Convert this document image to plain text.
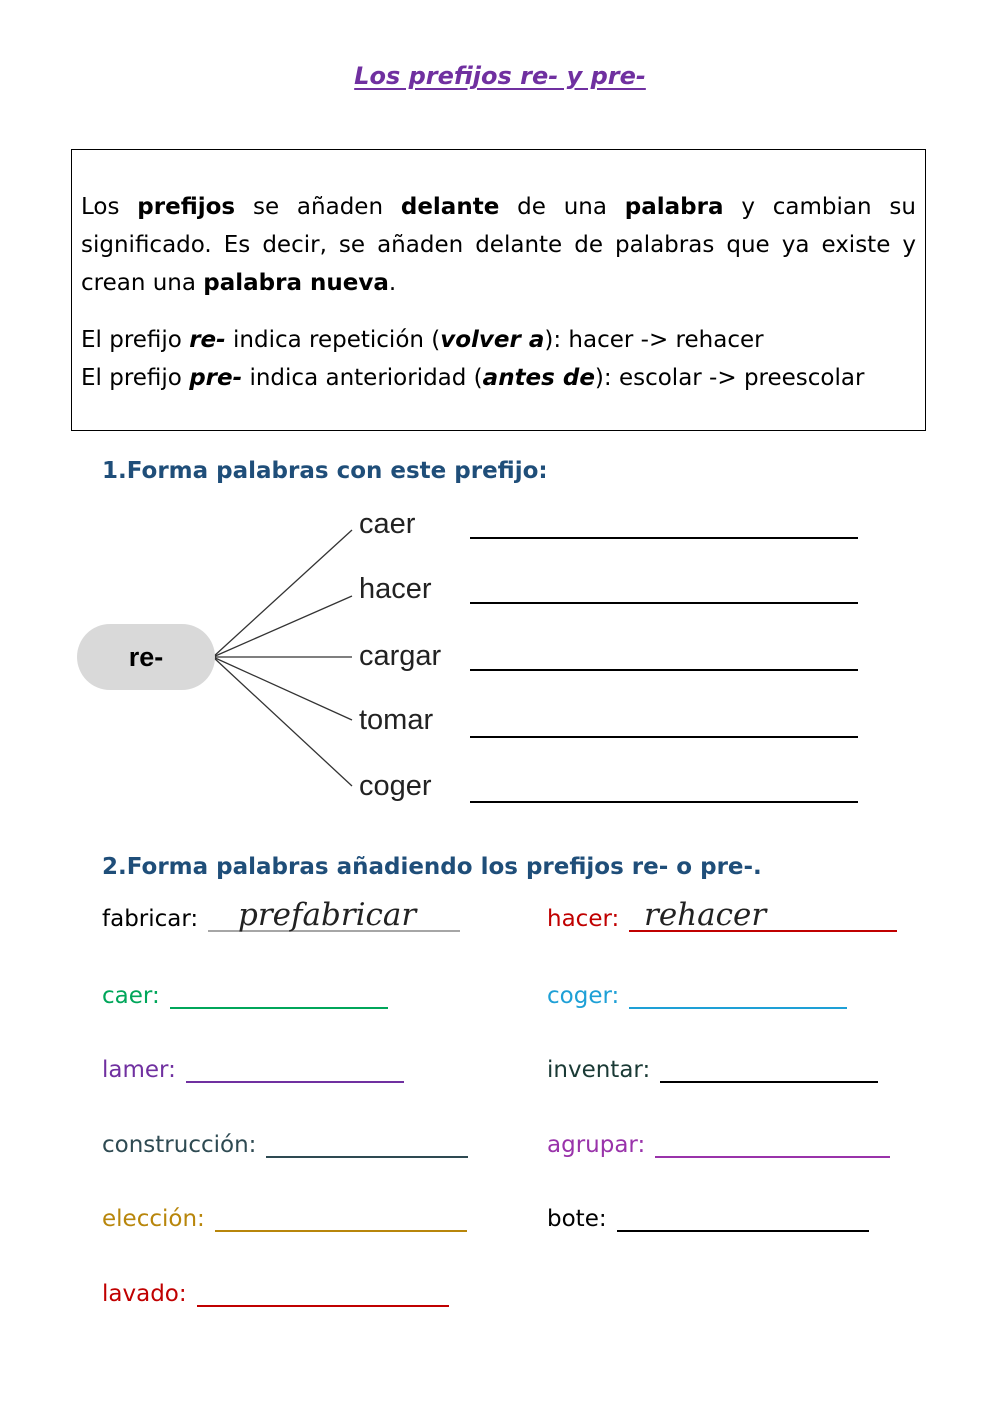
Los prefijos re- y pre-

Los prefijos se añaden delante de una palabra y cambian su significado. Es decir, se añaden delante de palabras que ya existe y crean una palabra nueva.

El prefijo re- indica repetición (volver a): hacer -> rehacer
El prefijo pre- indica anterioridad (antes de): escolar -> preescolar
1.Forma palabras con este prefijo:
re-
caer
hacer
cargar
tomar
coger
2.Forma palabras añadiendo los prefijos re- o pre-.
fabricar: prefabricar	hacer: rehacer
caer:	coger:
lamer:	inventar:
construcción:	agrupar:
elección:	bote:
lavado:
